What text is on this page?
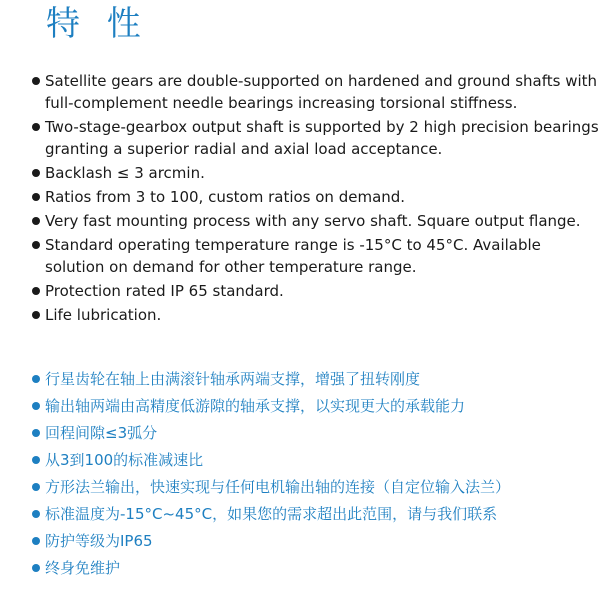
特 性
Satellite gears are double-supported on hardened and ground shafts with full-complement needle bearings increasing torsional stiffness.
Two-stage-gearbox output shaft is supported by 2 high precision bearings granting a superior radial and axial load acceptance.
Backlash ≤ 3 arcmin.
Ratios from 3 to 100, custom ratios on demand.
Very fast mounting process with any servo shaft. Square output flange.
Standard operating temperature range is -15°C to 45°C. Available solution on demand for other temperature range.
Protection rated IP 65 standard.
Life lubrication.
行星齿轮在轴上由满滚针轴承两端支撑，增强了扭转刚度
输出轴两端由高精度低游隙的轴承支撑，以实现更大的承载能力
回程间隙≤3弧分
从3到100的标准减速比
方形法兰输出，快速实现与任何电机输出轴的连接（自定位输入法兰）
标准温度为-15°C~45°C，如果您的需求超出此范围，请与我们联系
防护等级为IP65
终身免维护
